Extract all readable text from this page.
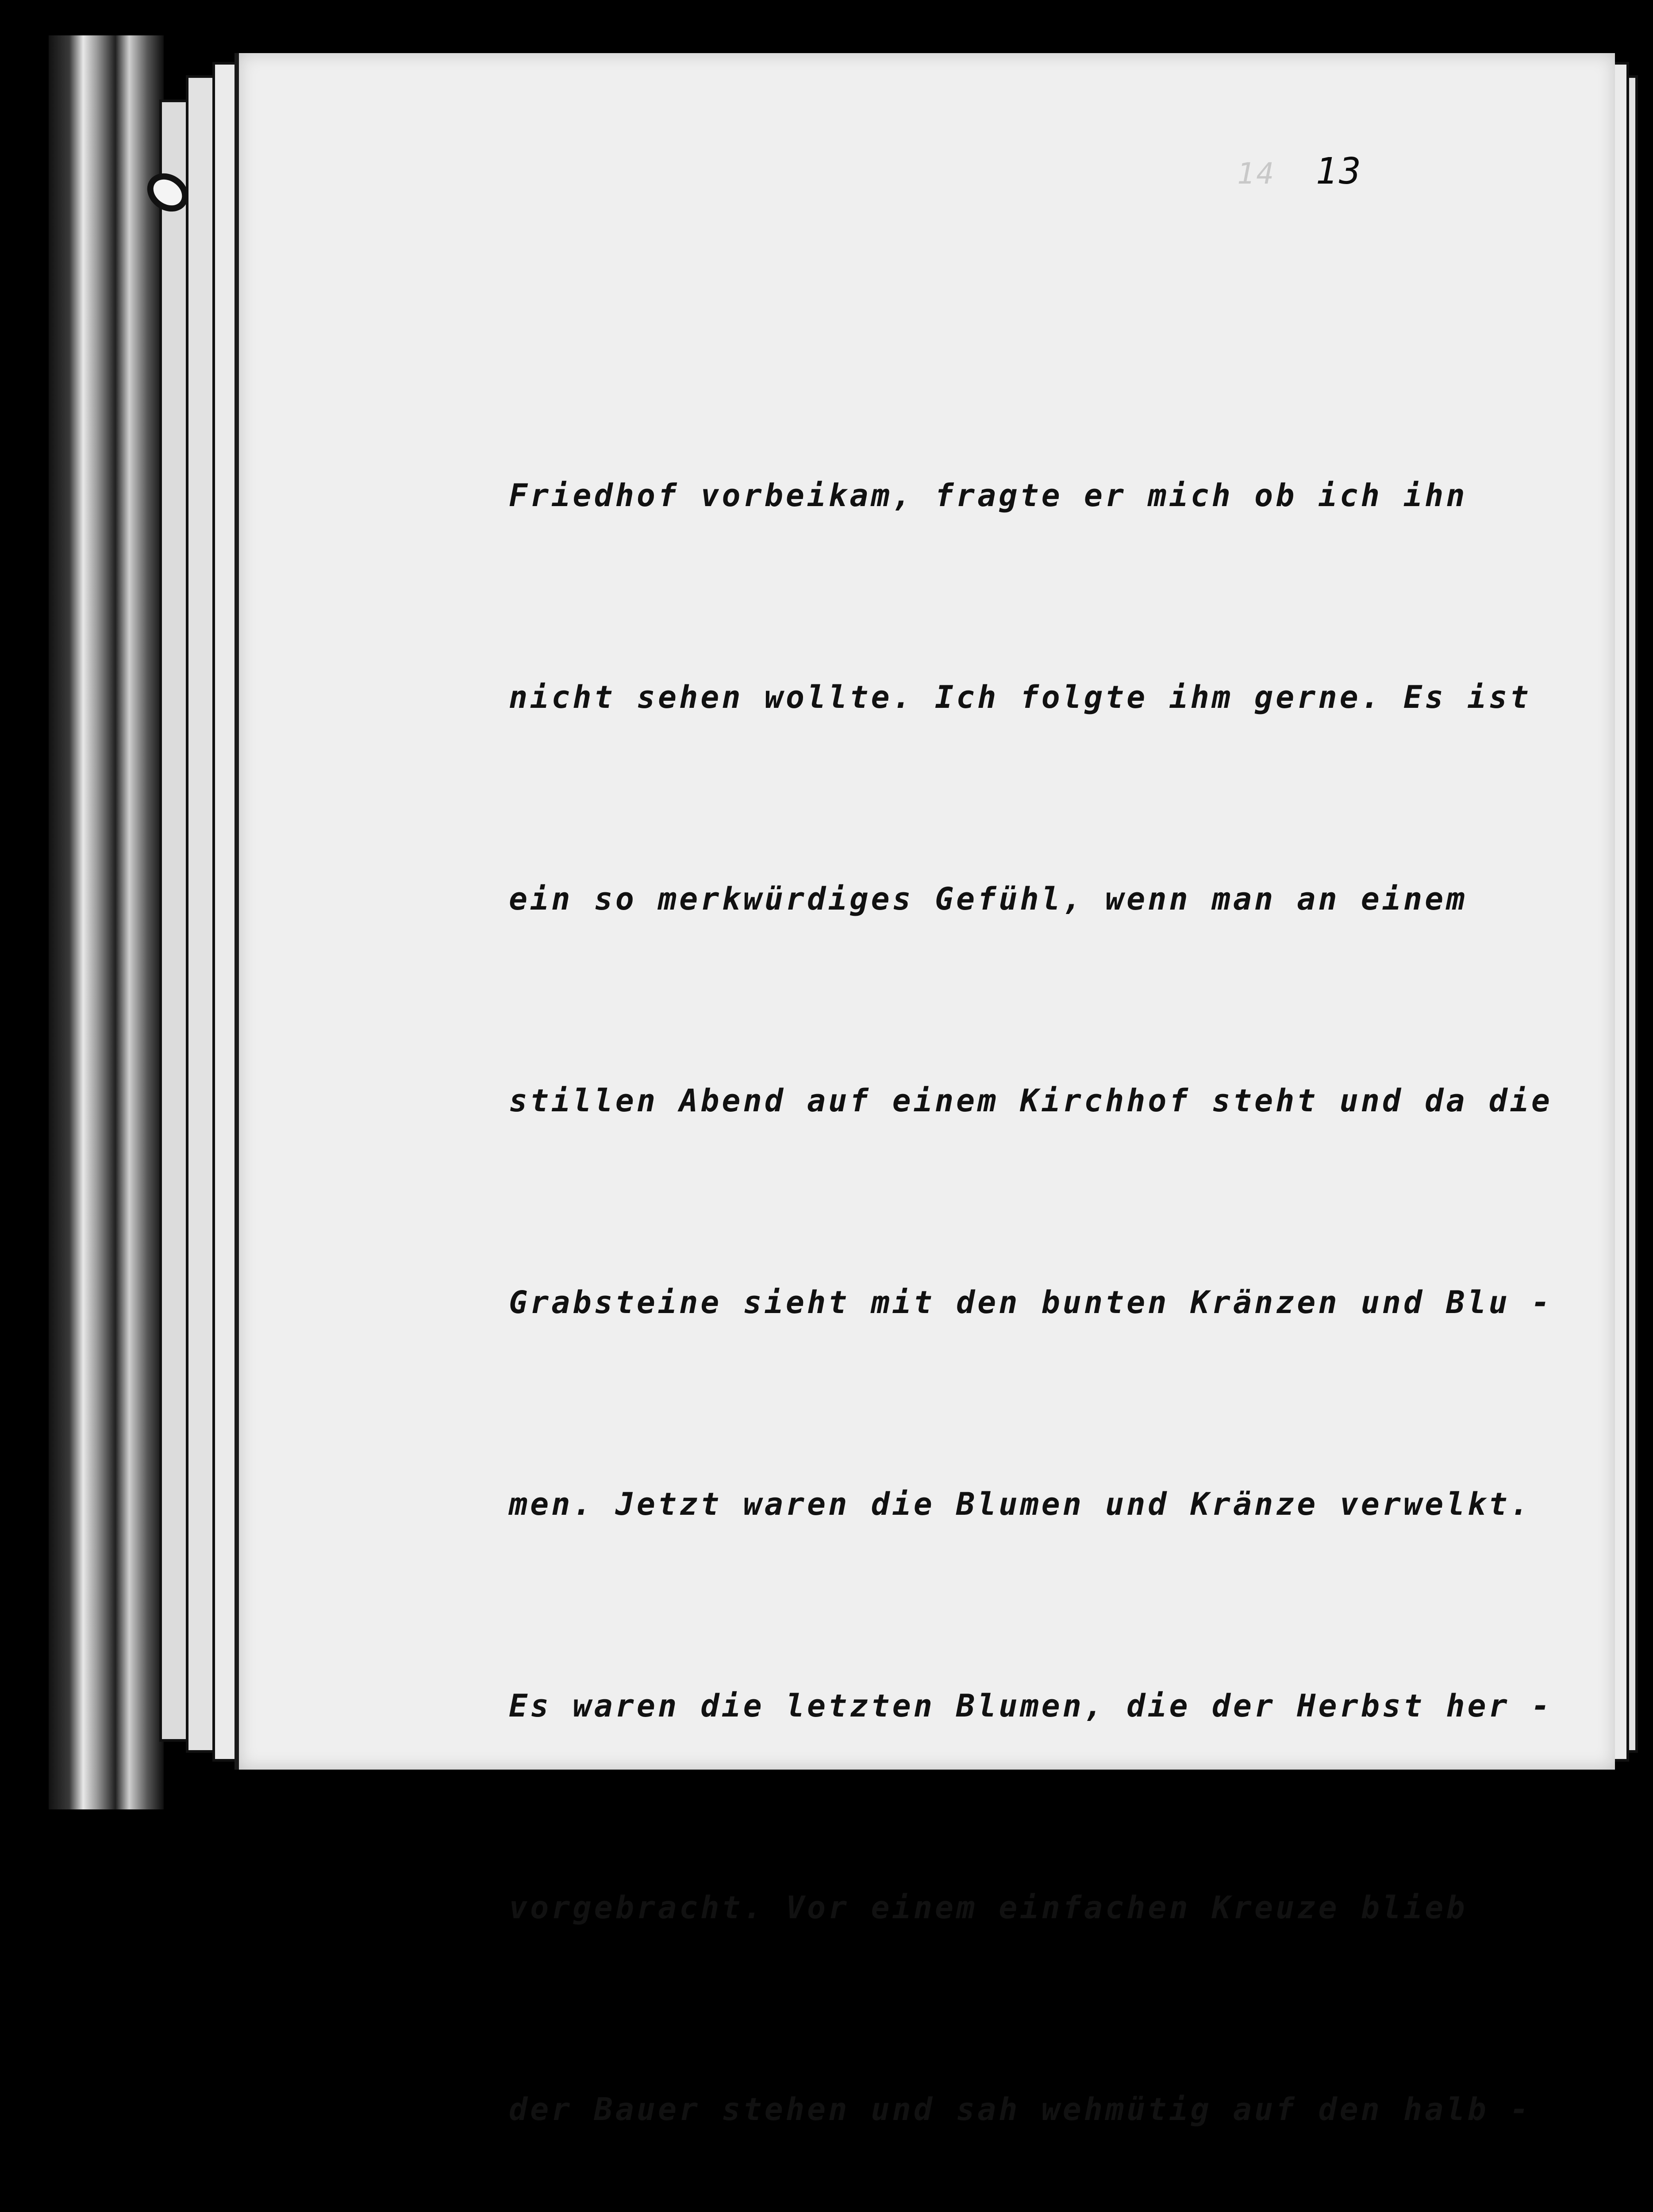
14 13

Friedhof vorbeikam, fragte er mich ob ich ihn

nicht sehen wollte. Ich folgte ihm gerne. Es ist

ein so merkwürdiges Gefühl, wenn man an einem

stillen Abend auf einem Kirchhof steht und da die

Grabsteine sieht mit den bunten Kränzen und Blu -

men. Jetzt waren die Blumen und Kränze verwelkt.

Es waren die letzten Blumen, die der Herbst her -

vorgebracht. Vor einem einfachen Kreuze blieb

der Bauer stehen und sah wehmütig auf den halb -
